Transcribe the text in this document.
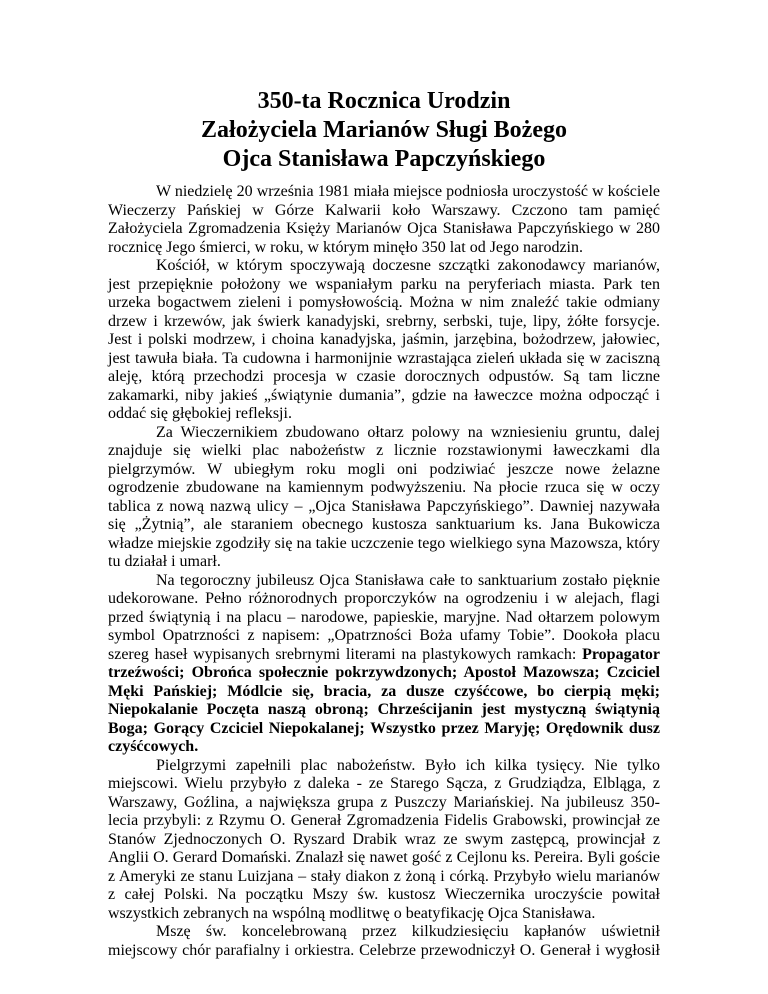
350-ta Rocznica Urodzin
Założyciela Marianów Sługi Bożego
Ojca Stanisława Papczyńskiego

W niedzielę 20 września 1981 miała miejsce podniosła uroczystość w kościele Wieczerzy Pańskiej w Górze Kalwarii koło Warszawy. Czczono tam pamięć Założyciela Zgromadzenia Księży Marianów Ojca Stanisława Papczyńskiego w 280 rocznicę Jego śmierci, w roku, w którym minęło 350 lat od Jego narodzin.

Kościół, w którym spoczywają doczesne szczątki zakonodawcy marianów, jest przepięknie położony we wspaniałym parku na peryferiach miasta. Park ten urzeka bogactwem zieleni i pomysłowością. Można w nim znaleźć takie odmiany drzew i krzewów, jak świerk kanadyjski, srebrny, serbski, tuje, lipy, żółte forsycje. Jest i polski modrzew, i choina kanadyjska, jaśmin, jarzębina, bożodrzew, jałowiec, jest tawuła biała. Ta cudowna i harmonijnie wzrastająca zieleń układa się w zaciszną aleję, którą przechodzi procesja w czasie dorocznych odpustów. Są tam liczne zakamarki, niby jakieś „świątynie dumania”, gdzie na ławeczce można odpocząć i oddać się głębokiej refleksji.

Za Wieczernikiem zbudowano ołtarz polowy na wzniesieniu gruntu, dalej znajduje się wielki plac nabożeństw z licznie rozstawionymi ławeczkami dla pielgrzymów. W ubiegłym roku mogli oni podziwiać jeszcze nowe żelazne ogrodzenie zbudowane na kamiennym podwyższeniu. Na płocie rzuca się w oczy tablica z nową nazwą ulicy – „Ojca Stanisława Papczyńskiego”. Dawniej nazywała się „Żytnią”, ale staraniem obecnego kustosza sanktuarium ks. Jana Bukowicza władze miejskie zgodziły się na takie uczczenie tego wielkiego syna Mazowsza, który tu działał i umarł.

Na tegoroczny jubileusz Ojca Stanisława całe to sanktuarium zostało pięknie udekorowane. Pełno różnorodnych proporczyków na ogrodzeniu i w alejach, flagi przed świątynią i na placu – narodowe, papieskie, maryjne. Nad ołtarzem polowym symbol Opatrzności z napisem: „Opatrzności Boża ufamy Tobie”. Dookoła placu szereg haseł wypisanych srebrnymi literami na plastykowych ramkach: Propagator trzeźwości; Obrońca społecznie pokrzywdzonych; Apostoł Mazowsza; Czciciel Męki Pańskiej; Módlcie się, bracia, za dusze czyśćcowe, bo cierpią męki; Niepokalanie Poczęta naszą obroną; Chrześcijanin jest mystyczną świątynią Boga; Gorący Czciciel Niepokalanej; Wszystko przez Maryję; Orędownik dusz czyśćcowych.

Pielgrzymi zapełnili plac nabożeństw. Było ich kilka tysięcy. Nie tylko miejscowi. Wielu przybyło z daleka - ze Starego Sącza, z Grudziądza, Elbląga, z Warszawy, Goźlina, a największa grupa z Puszczy Mariańskiej. Na jubileusz 350-lecia przybyli: z Rzymu O. Generał Zgromadzenia Fidelis Grabowski, prowincjał ze Stanów Zjednoczonych O. Ryszard Drabik wraz ze swym zastępcą, prowincjał z Anglii O. Gerard Domański. Znalazł się nawet gość z Cejlonu ks. Pereira. Byli goście z Ameryki ze stanu Luizjana – stały diakon z żoną i córką. Przybyło wielu marianów z całej Polski. Na początku Mszy św. kustosz Wieczernika uroczyście powitał wszystkich zebranych na wspólną modlitwę o beatyfikację Ojca Stanisława.

Mszę św. koncelebrowaną przez kilkudziesięciu kapłanów uświetnił miejscowy chór parafialny i orkiestra. Celebrze przewodniczył O. Generał i wygłosił
